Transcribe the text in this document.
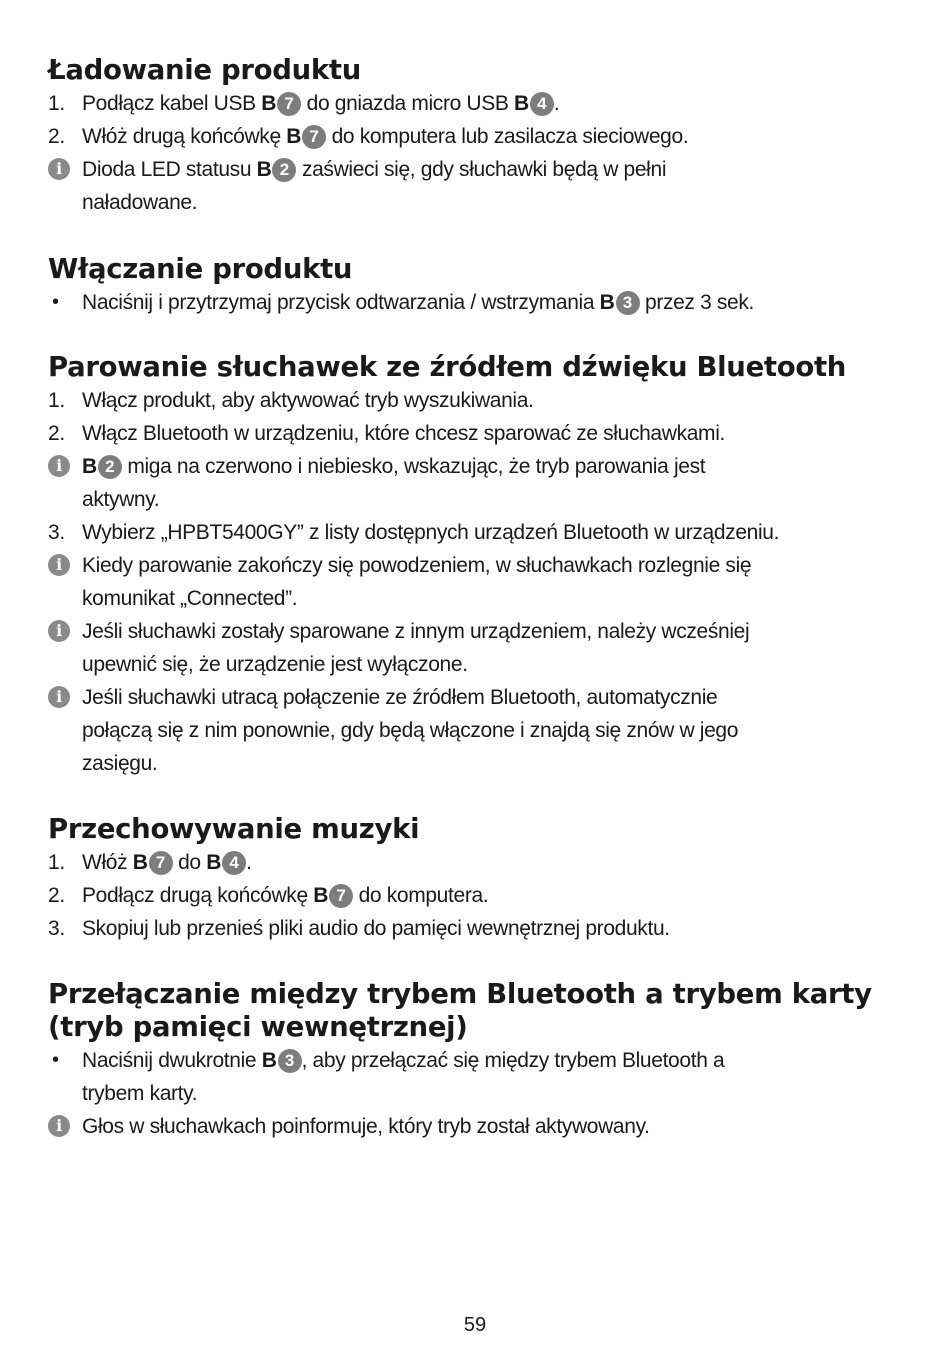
Ładowanie produktu
1. Podłącz kabel USB B 7 do gniazda micro USB B 4 .
2. Włóż drugą końcówkę B 7 do komputera lub zasilacza sieciowego.
i Dioda LED statusu B 2 zaświeci się, gdy słuchawki będą w pełni
naładowane.
Włączanie produktu
•	Naciśnij i przytrzymaj przycisk odtwarzania / wstrzymania B 3 przez 3 sek.
Parowanie słuchawek ze źródłem dźwięku Bluetooth
1. Włącz produkt, aby aktywować tryb wyszukiwania.
2. Włącz Bluetooth w urządzeniu, które chcesz sparować ze słuchawkami.
i B 2 miga na czerwono i niebiesko, wskazując, że tryb parowania jest
aktywny.
3. Wybierz „HPBT5400GY” z listy dostępnych urządzeń Bluetooth w urządzeniu.
i Kiedy parowanie zakończy się powodzeniem, w słuchawkach rozlegnie się
komunikat „Connected”.
i Jeśli słuchawki zostały sparowane z innym urządzeniem, należy wcześniej
upewnić się, że urządzenie jest wyłączone.
i Jeśli słuchawki utracą połączenie ze źródłem Bluetooth, automatycznie
połączą się z nim ponownie, gdy będą włączone i znajdą się znów w jego
zasięgu.
Przechowywanie muzyki
1. Włóż B 7 do B 4 .
2. Podłącz drugą końcówkę B 7 do komputera.
3. Skopiuj lub przenieś pliki audio do pamięci wewnętrznej produktu.
Przełączanie między trybem Bluetooth a trybem karty
(tryb pamięci wewnętrznej)
•	Naciśnij dwukrotnie B 3 , aby przełączać się między trybem Bluetooth a
trybem karty.
i Głos w słuchawkach poinformuje, który tryb został aktywowany.
59
